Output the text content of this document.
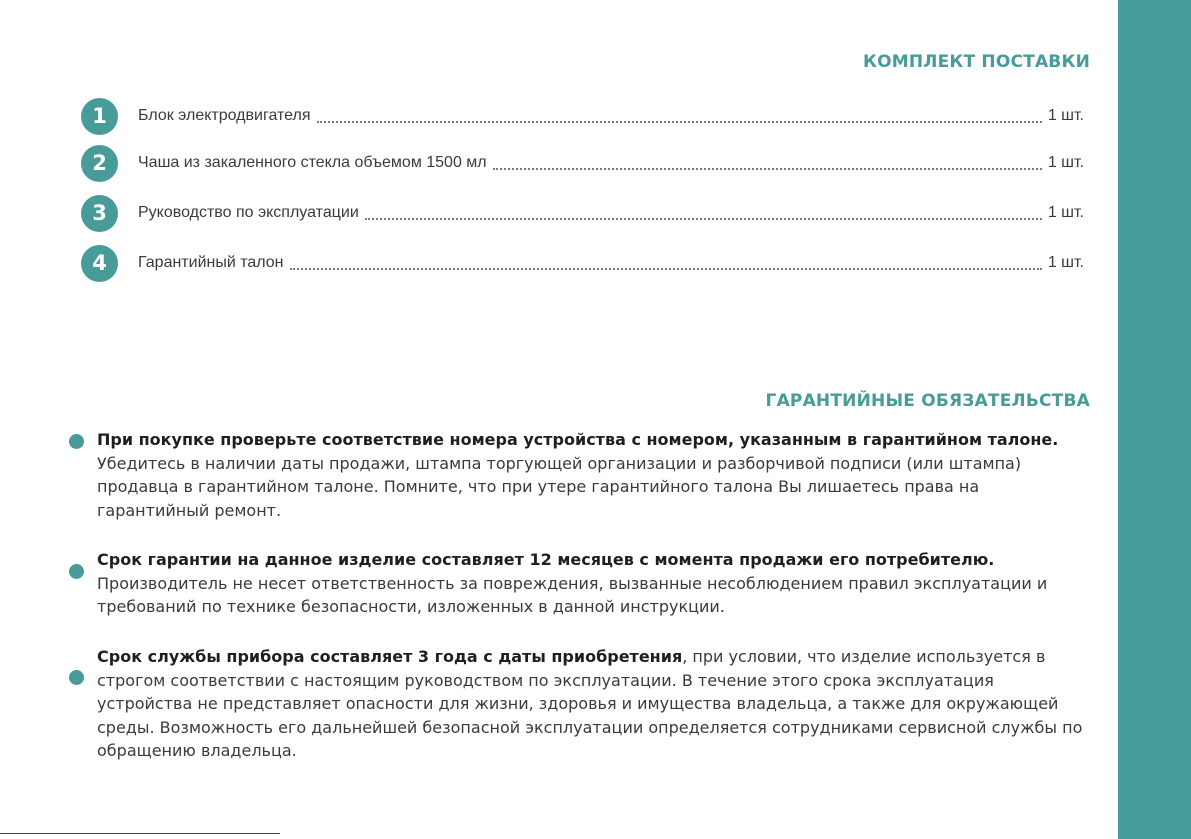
КОМПЛЕКТ ПОСТАВКИ
1	Блок электродвигателя	1 шт.
2	Чаша из закаленного стекла объемом 1500 мл	1 шт.
3	Руководство по эксплуатации	1 шт.
4	Гарантийный талон	1 шт.
ГАРАНТИЙНЫЕ ОБЯЗАТЕЛЬСТВА
При покупке проверьте соответствие номера устройства с номером, указанным в гарантийном талоне. Убедитесь в наличии даты продажи, штампа торгующей организации и разборчивой подписи (или штампа) продавца в гарантийном талоне. Помните, что при утере гарантийного талона Вы лишаетесь права на гарантийный ремонт.
Срок гарантии на данное изделие составляет 12 месяцев с момента продажи его потребителю. Производитель не несет ответственность за повреждения, вызванные несоблюдением правил эксплуатации и требований по технике безопасности, изложенных в данной инструкции.
Срок службы прибора составляет 3 года с даты приобретения, при условии, что изделие используется в строгом соответствии с настоящим руководством по эксплуатации. В течение этого срока эксплуатация устройства не представляет опасности для жизни, здоровья и имущества владельца, а также для окружающей среды. Возможность его дальнейшей безопасной эксплуатации определяется сотрудниками сервисной службы по обращению владельца.
